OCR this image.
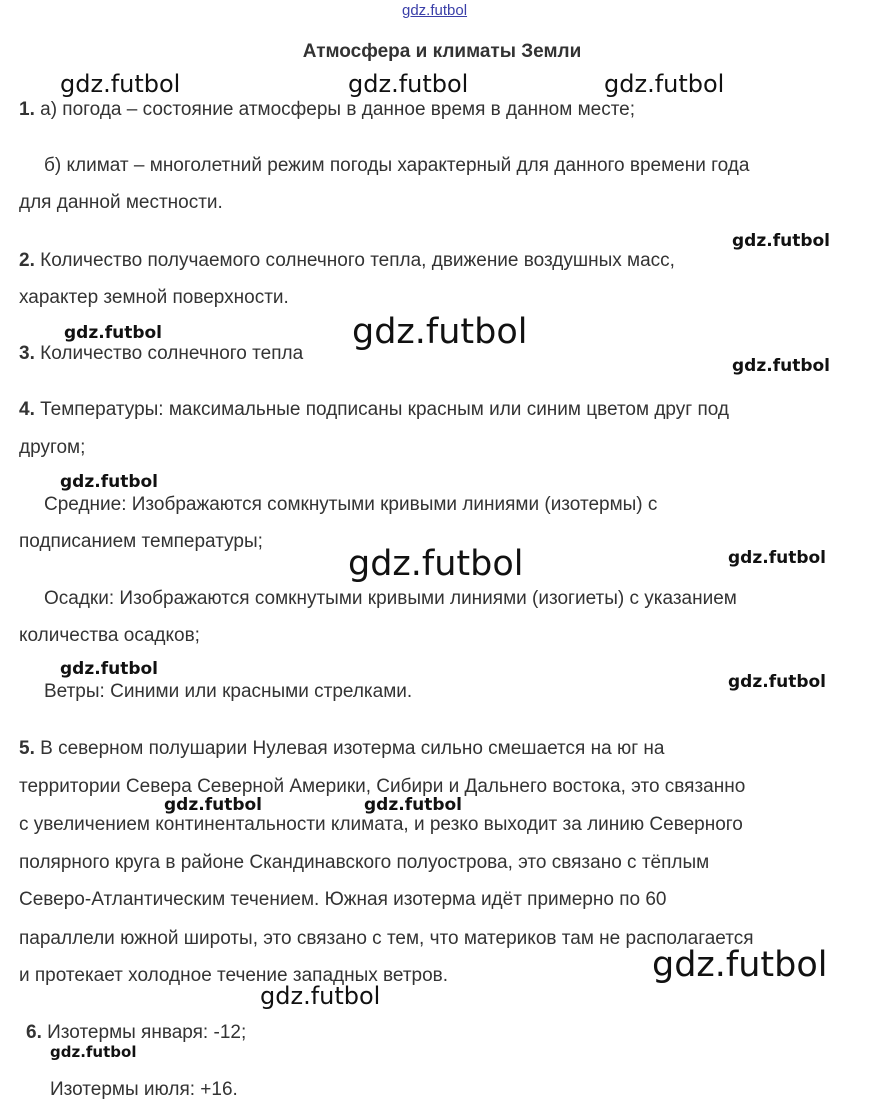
gdz.futbol
Атмосфера и климаты Земли
1. а) погода – состояние атмосферы в данное время в данном месте;
б) климат – многолетний режим погоды характерный для данного времени года
для данной местности.
2. Количество получаемого солнечного тепла, движение воздушных масс,
характер земной поверхности.
3. Количество солнечного тепла
4. Температуры: максимальные подписаны красным или синим цветом друг под
другом;
Средние: Изображаются сомкнутыми кривыми линиями (изотермы) с
подписанием температуры;
Осадки: Изображаются сомкнутыми кривыми линиями (изогиеты) с указанием
количества осадков;
Ветры: Синими или красными стрелками.
5. В северном полушарии Нулевая изотерма сильно смешается на юг на
территории Севера Северной Америки, Сибири и Дальнего востока, это связанно
с увеличением континентальности климата, и резко выходит за линию Северного
полярного круга в районе Скандинавского полуострова, это связано с тёплым
Северо-Атлантическим течением. Южная изотерма идёт примерно по 60
параллели южной широты, это связано с тем, что материков там не располагается
и протекает холодное течение западных ветров.
6. Изотермы января: -12;
Изотермы июля: +16.
gdz.futbol	gdz.futbol	gdz.futbol
gdz.futbol
gdz.futbol	gdz.futbol
gdz.futbol
gdz.futbol
gdz.futbol	gdz.futbol
gdz.futbol
gdz.futbol
gdz.futbol	gdz.futbol
gdz.futbol
gdz.futbol
gdz.futbol
